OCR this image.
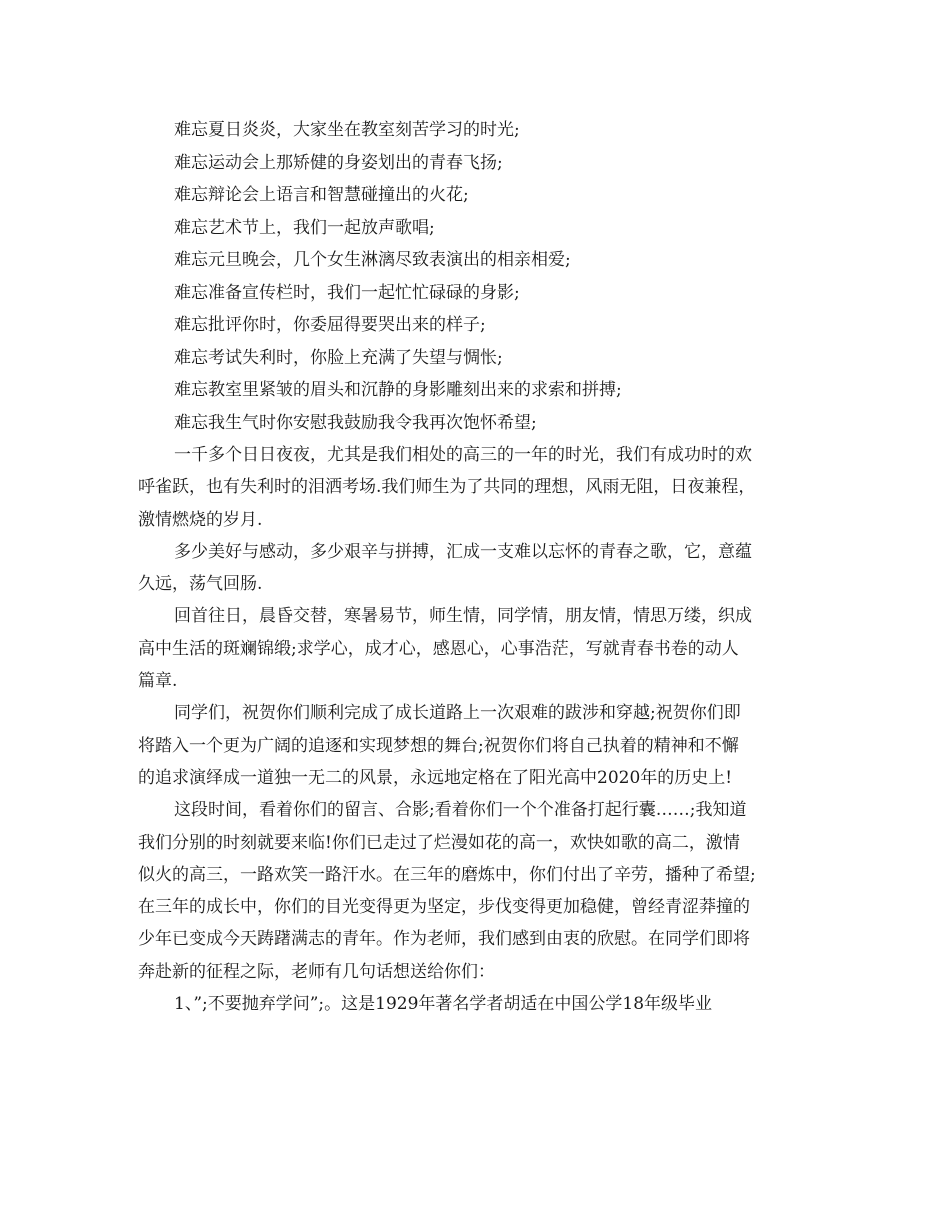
难忘夏日炎炎，大家坐在教室刻苦学习的时光;
难忘运动会上那矫健的身姿划出的青春飞扬;
难忘辩论会上语言和智慧碰撞出的火花;
难忘艺术节上，我们一起放声歌唱;
难忘元旦晚会，几个女生淋漓尽致表演出的相亲相爱;
难忘准备宣传栏时，我们一起忙忙碌碌的身影;
难忘批评你时，你委屈得要哭出来的样子;
难忘考试失利时，你脸上充满了失望与惆怅;
难忘教室里紧皱的眉头和沉静的身影雕刻出来的求索和拼搏;
难忘我生气时你安慰我鼓励我令我再次饱怀希望;
一千多个日日夜夜，尤其是我们相处的高三的一年的时光，我们有成功时的欢
呼雀跃，也有失利时的泪洒考场.我们师生为了共同的理想，风雨无阻，日夜兼程，
激情燃烧的岁月.
多少美好与感动，多少艰辛与拼搏，汇成一支难以忘怀的青春之歌，它，意蕴
久远，荡气回肠.
回首往日，晨昏交替，寒暑易节，师生情，同学情，朋友情，情思万缕，织成
高中生活的斑斓锦缎;求学心，成才心，感恩心，心事浩茫，写就青春书卷的动人
篇章.
同学们，祝贺你们顺利完成了成长道路上一次艰难的跋涉和穿越;祝贺你们即
将踏入一个更为广阔的追逐和实现梦想的舞台;祝贺你们将自己执着的精神和不懈
的追求演绎成一道独一无二的风景，永远地定格在了阳光高中2020年的历史上!
这段时间，看着你们的留言、合影;看着你们一个个准备打起行囊……;我知道
我们分别的时刻就要来临!你们已走过了烂漫如花的高一，欢快如歌的高二，激情
似火的高三，一路欢笑一路汗水。在三年的磨炼中，你们付出了辛劳，播种了希望;
在三年的成长中，你们的目光变得更为坚定，步伐变得更加稳健，曾经青涩莽撞的
少年已变成今天踌躇满志的青年。作为老师，我们感到由衷的欣慰。在同学们即将
奔赴新的征程之际，老师有几句话想送给你们：
1、”;不要抛弃学问”;。这是1929年著名学者胡适在中国公学18年级毕业
